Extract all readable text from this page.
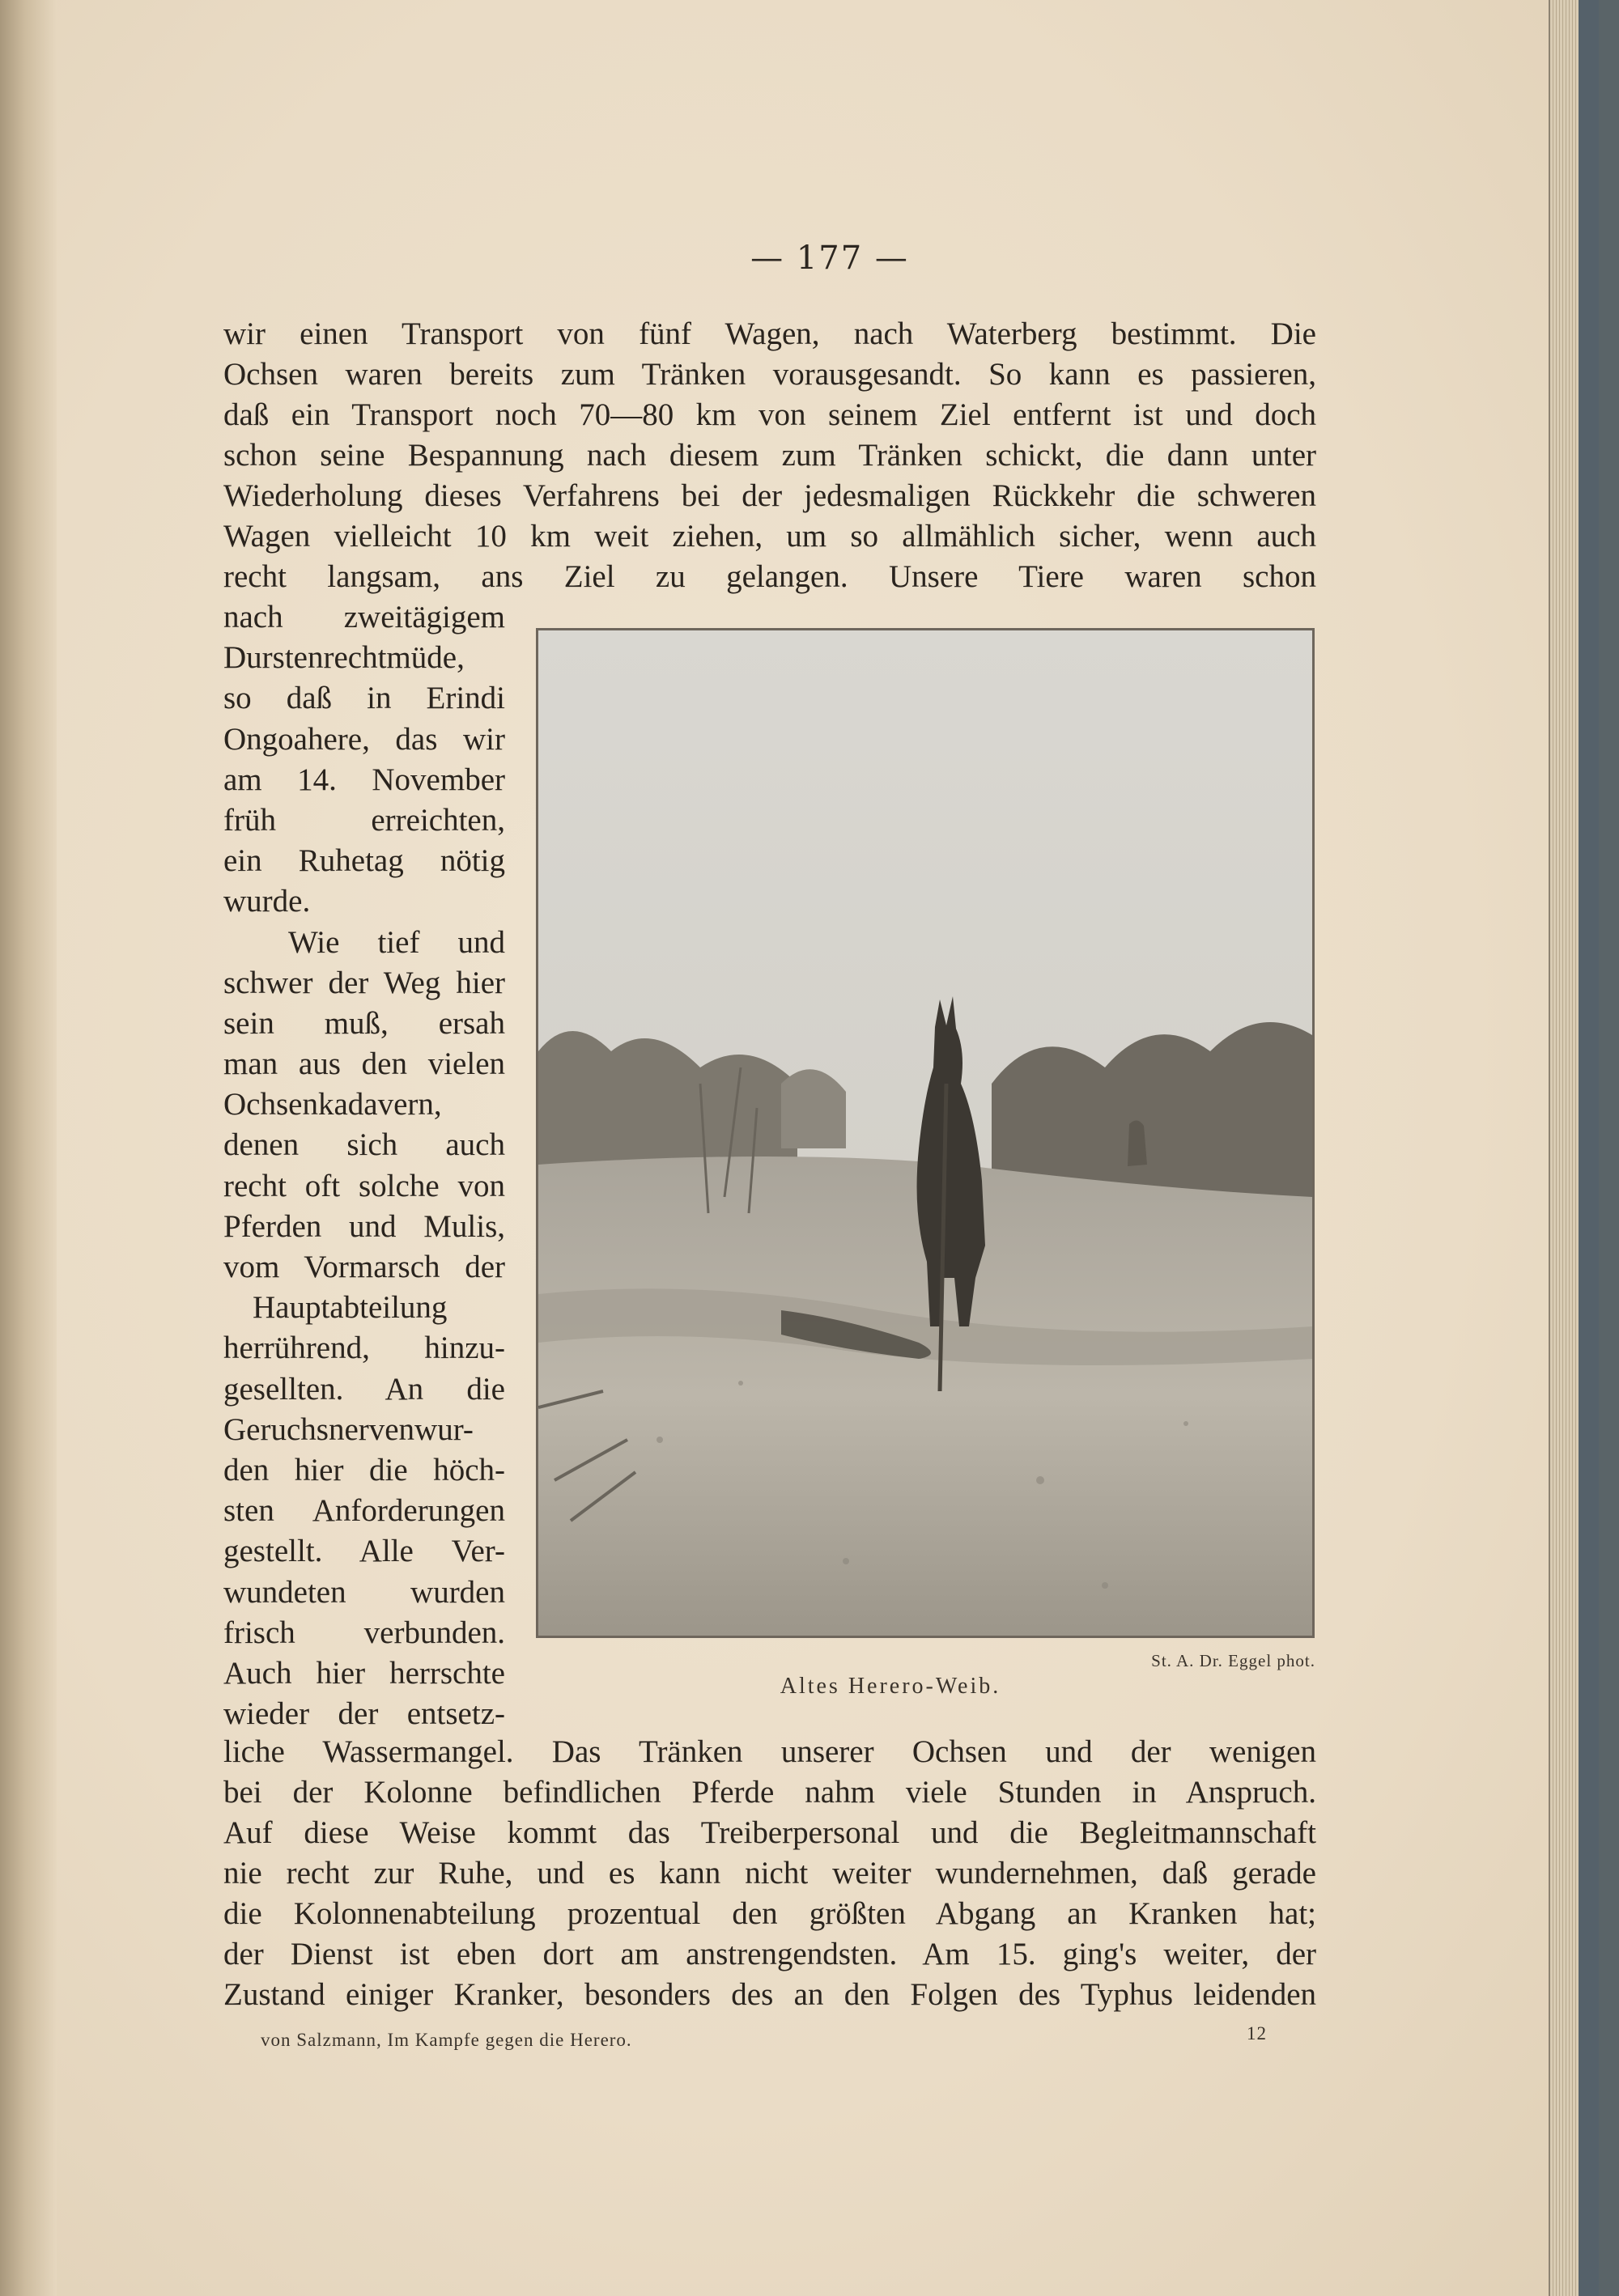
— 177 —
wir einen Transport von fünf Wagen, nach Waterberg bestimmt. Die
Ochsen waren bereits zum Tränken vorausgesandt. So kann es passieren,
daß ein Transport noch 70—80 km von seinem Ziel entfernt ist und doch
schon seine Bespannung nach diesem zum Tränken schickt, die dann unter
Wiederholung dieses Verfahrens bei der jedesmaligen Rückkehr die schweren
Wagen vielleicht 10 km weit ziehen, um so allmählich sicher, wenn auch
recht langsam, ans Ziel zu gelangen. Unsere Tiere waren schon
nach zweitägigem
Durstenrechtmüde,
so daß in Erindi
Ongoahere, das wir
am 14. November
früh erreichten,
ein Ruhetag nötig
wurde.
Wie tief und
schwer der Weg hier
sein muß, ersah
man aus den vielen
Ochsenkadavern,
denen sich auch
recht oft solche von
Pferden und Mulis,
vom Vormarsch der
Hauptabteilung
herrührend, hinzu-
gesellten. An die
Geruchsnervenwur-
den hier die höch-
sten Anforderungen
gestellt. Alle Ver-
wundeten wurden
frisch verbunden.
Auch hier herrschte
wieder der entsetz-
St. A. Dr. Eggel phot.
Altes Herero-Weib.
liche Wassermangel. Das Tränken unserer Ochsen und der wenigen
bei der Kolonne befindlichen Pferde nahm viele Stunden in Anspruch.
Auf diese Weise kommt das Treiberpersonal und die Begleitmannschaft
nie recht zur Ruhe, und es kann nicht weiter wundernehmen, daß gerade
die Kolonnenabteilung prozentual den größten Abgang an Kranken hat;
der Dienst ist eben dort am anstrengendsten. Am 15. ging's weiter, der
Zustand einiger Kranker, besonders des an den Folgen des Typhus leidenden
von Salzmann, Im Kampfe gegen die Herero.	12
